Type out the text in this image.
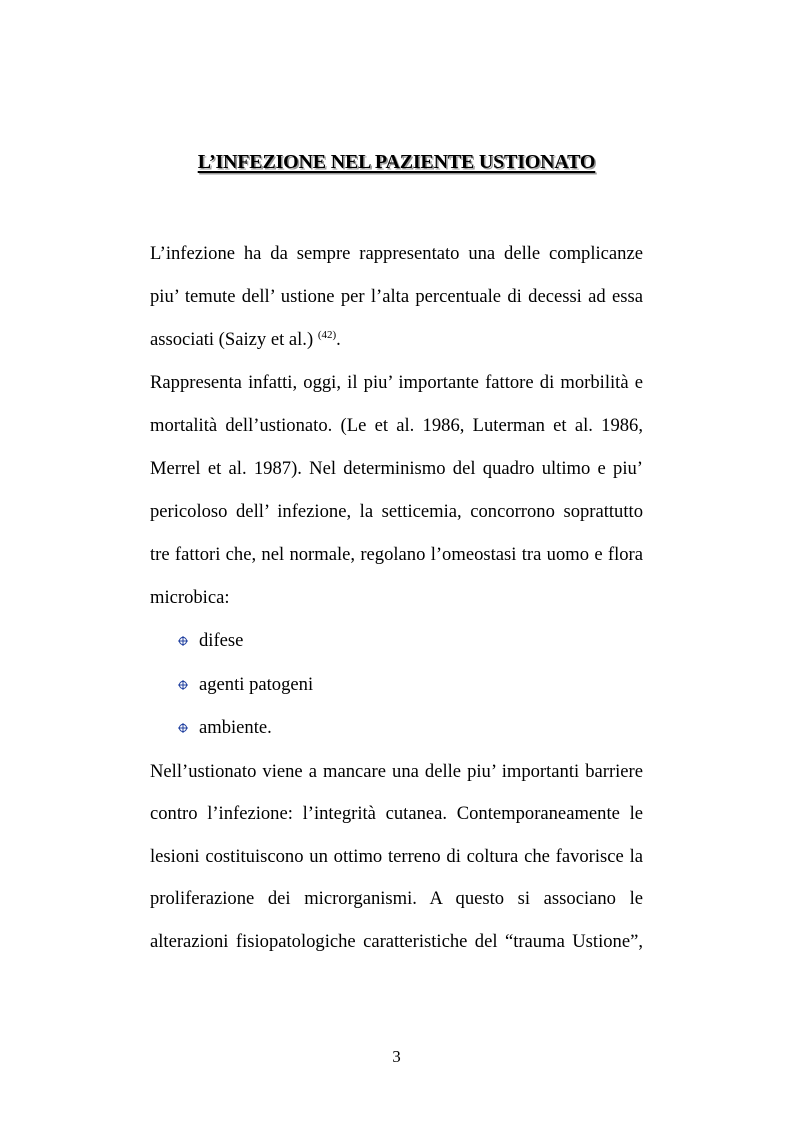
L’INFEZIONE NEL PAZIENTE USTIONATO
L’infezione ha da sempre rappresentato una delle complicanze
piu’ temute dell’ ustione per l’alta percentuale di decessi ad essa
associati (Saizy et al.) $^{(42)}$.
Rappresenta infatti, oggi, il piu’ importante fattore di morbilità e
mortalità dell’ustionato. (Le et al. 1986, Luterman et al. 1986,
Merrel et al. 1987). Nel determinismo del quadro ultimo e piu’
pericoloso dell’ infezione, la setticemia, concorrono soprattutto
tre fattori che, nel normale, regolano l’omeostasi tra uomo e flora
microbica:
difese
agenti patogeni
ambiente.
Nell’ustionato viene a mancare una delle piu’ importanti barriere
contro l’infezione: l’integrità cutanea. Contemporaneamente le
lesioni costituiscono un ottimo terreno di coltura che favorisce la
proliferazione dei microrganismi. A questo si associano le
alterazioni fisiopatologiche caratteristiche del “trauma Ustione”,
3
